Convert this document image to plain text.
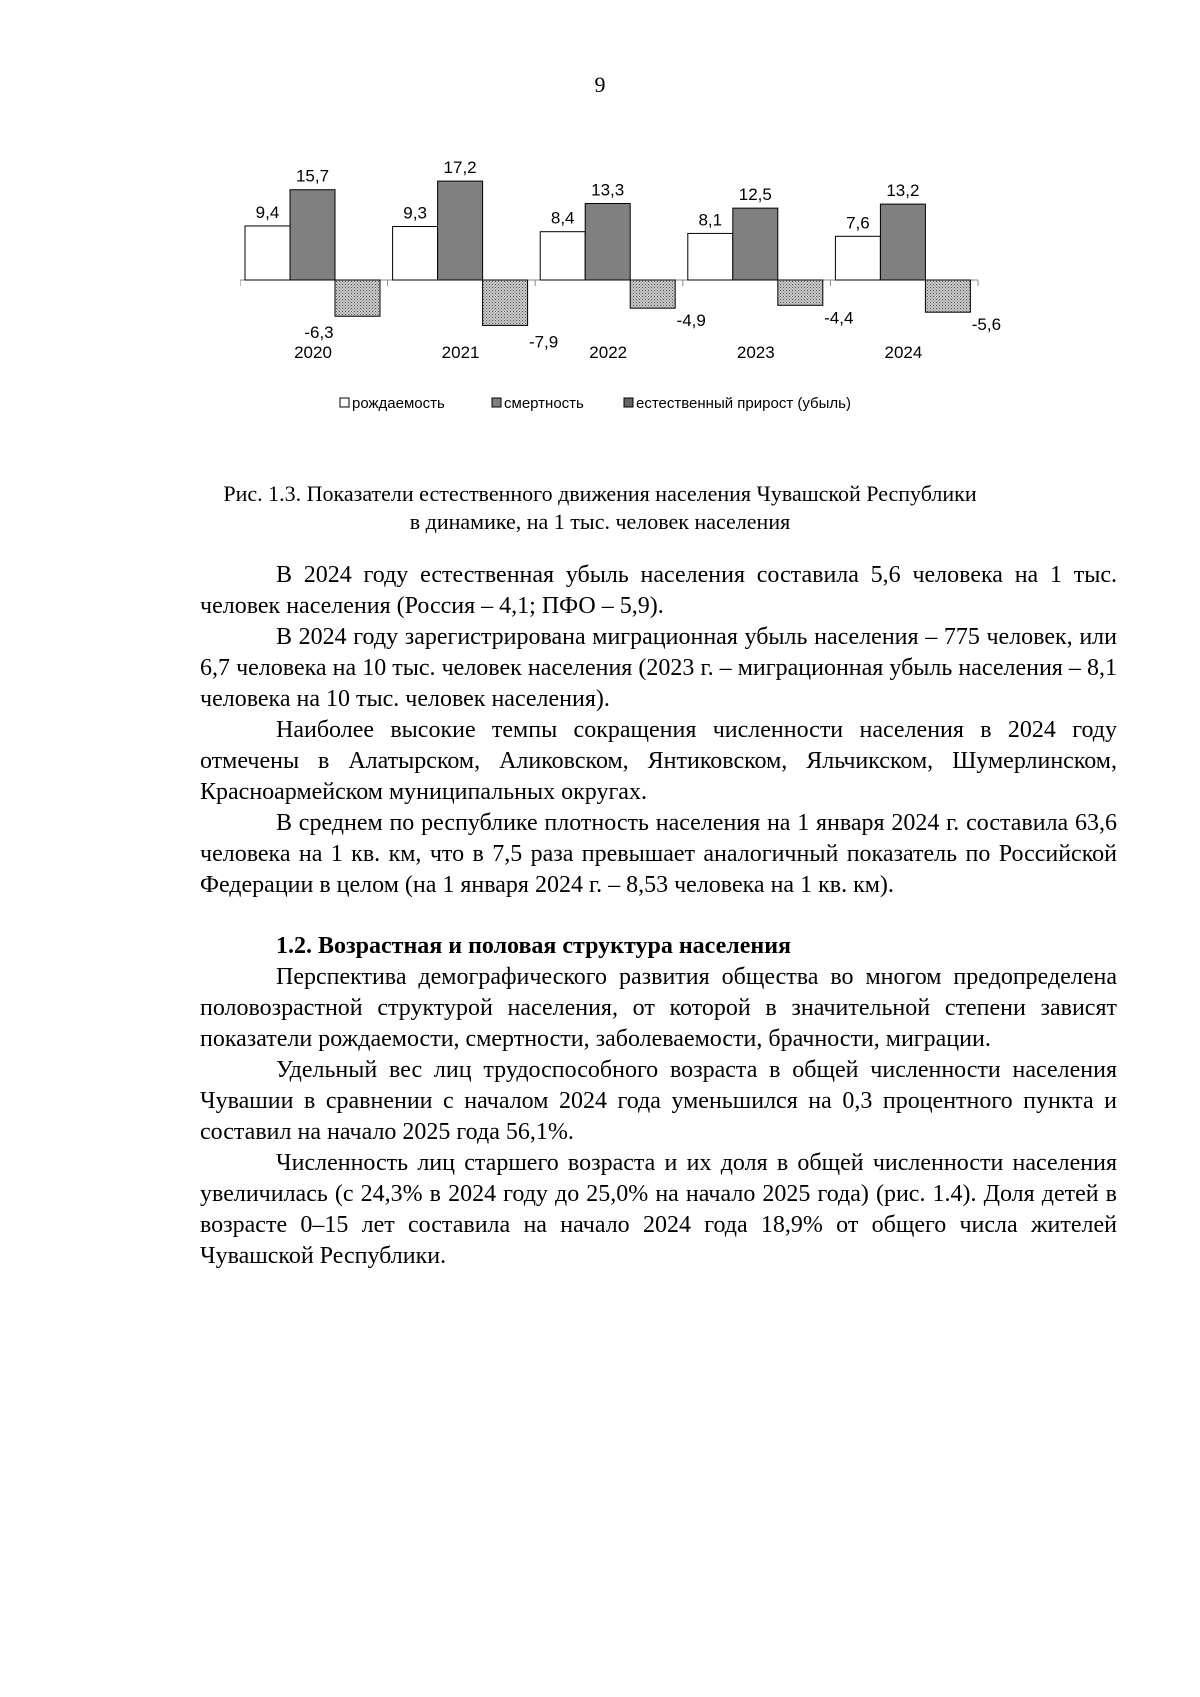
9
9,4
15,7
-6,3
2020
9,3
17,2
-7,9
2021
8,4
13,3
-4,9
2022
8,1
12,5
-4,4
2023
7,6
13,2
-5,6
2024
рождаемость	смертность	естественный прирост (убыль)
Рис. 1.3. Показатели естественного движения населения Чувашской Республики
в динамике, на 1 тыс. человек населения

В 2024 году естественная убыль населения составила 5,6 человека на 1 тыс. человек населения (Россия – 4,1; ПФО – 5,9).

В 2024 году зарегистрирована миграционная убыль населения – 775 человек, или 6,7 человека на 10 тыс. человек населения (2023 г. – миграционная убыль населения – 8,1 человека на 10 тыс. человек населения).

Наиболее высокие темпы сокращения численности населения в 2024 году отмечены в Алатырском, Аликовском, Янтиковском, Яльчикском, Шумерлинском, Красноармейском муниципальных округах.

В среднем по республике плотность населения на 1 января 2024 г. составила 63,6 человека на 1 кв. км, что в 7,5 раза превышает аналогичный показатель по Российской Федерации в целом (на 1 января 2024 г. – 8,53 человека на 1 кв. км).

1.2. Возрастная и половая структура населения

Перспектива демографического развития общества во многом предопределена половозрастной структурой населения, от которой в значительной степени зависят показатели рождаемости, смертности, заболеваемости, брачности, миграции.

Удельный вес лиц трудоспособного возраста в общей численности населения Чувашии в сравнении с началом 2024 года уменьшился на 0,3 процентного пункта и составил на начало 2025 года 56,1%.

Численность лиц старшего возраста и их доля в общей численности населения увеличилась (с 24,3% в 2024 году до 25,0% на начало 2025 года) (рис. 1.4). Доля детей в возрасте 0–15 лет составила на начало 2024 года 18,9% от общего числа жителей Чувашской Республики.
